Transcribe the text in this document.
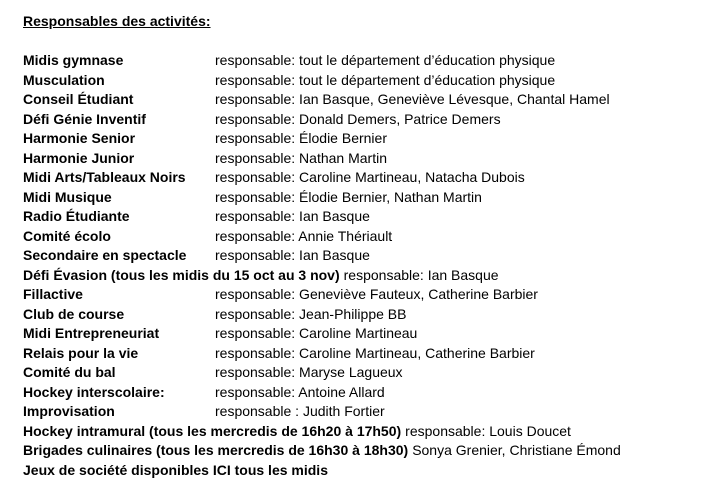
Responsables des activités:
Midis gymnase	responsable: tout le département d’éducation physique
Musculation	responsable: tout le département d’éducation physique
Conseil Étudiant	responsable: Ian Basque, Geneviève Lévesque, Chantal Hamel
Défi Génie Inventif	responsable: Donald Demers, Patrice Demers
Harmonie Senior	responsable: Élodie Bernier
Harmonie Junior	responsable: Nathan Martin
Midi Arts/Tableaux Noirs	responsable: Caroline Martineau, Natacha Dubois
Midi Musique	responsable: Élodie Bernier, Nathan Martin
Radio Étudiante	responsable: Ian Basque
Comité écolo	responsable: Annie Thériault
Secondaire en spectacle	responsable: Ian Basque
Défi Évasion (tous les midis du 15 oct au 3 nov) responsable: Ian Basque
Fillactive	responsable: Geneviève Fauteux, Catherine Barbier
Club de course	responsable: Jean-Philippe BB
Midi Entrepreneuriat	responsable: Caroline Martineau
Relais pour la vie	responsable: Caroline Martineau, Catherine Barbier
Comité du bal	responsable: Maryse Lagueux
Hockey interscolaire:	responsable: Antoine Allard
Improvisation	responsable : Judith Fortier
Hockey intramural (tous les mercredis de 16h20 à 17h50) responsable: Louis Doucet
Brigades culinaires (tous les mercredis de 16h30 à 18h30) Sonya Grenier, Christiane Émond
Jeux de société disponibles ICI tous les midis
